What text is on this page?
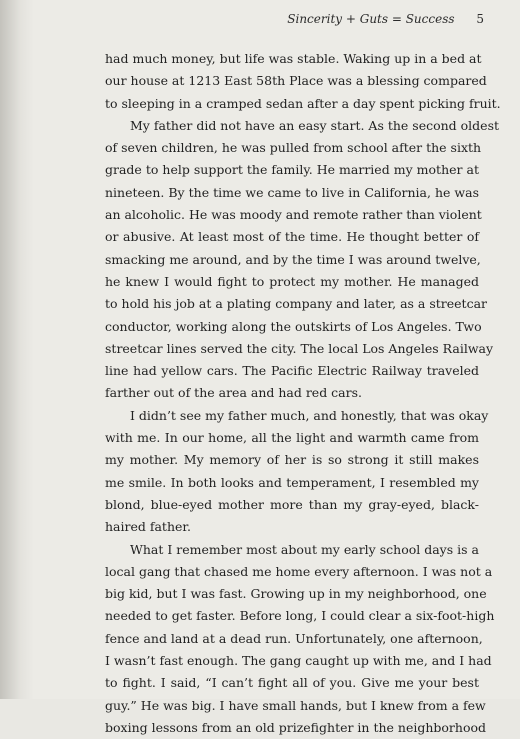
Sincerity + Guts = Success 5
had much money, but life was stable. Waking up in a bed at
our house at 1213 East 58th Place was a blessing compared
to sleeping in a cramped sedan after a day spent picking fruit.
My father did not have an easy start. As the second oldest
of seven children, he was pulled from school after the sixth
grade to help support the family. He married my mother at
nineteen. By the time we came to live in California, he was
an alcoholic. He was moody and remote rather than violent
or abusive. At least most of the time. He thought better of
smacking me around, and by the time I was around twelve,
he knew I would fight to protect my mother. He managed
to hold his job at a plating company and later, as a streetcar
conductor, working along the outskirts of Los Angeles. Two
streetcar lines served the city. The local Los Angeles Railway
line had yellow cars. The Pacific Electric Railway traveled
farther out of the area and had red cars.
I didn’t see my father much, and honestly, that was okay
with me. In our home, all the light and warmth came from
my mother. My memory of her is so strong it still makes
me smile. In both looks and temperament, I resembled my
blond, blue-eyed mother more than my gray-eyed, black-
haired father.
What I remember most about my early school days is a
local gang that chased me home every afternoon. I was not a
big kid, but I was fast. Growing up in my neighborhood, one
needed to get faster. Before long, I could clear a six-foot-high
fence and land at a dead run. Unfortunately, one afternoon,
I wasn’t fast enough. The gang caught up with me, and I had
to fight. I said, “I can’t fight all of you. Give me your best
guy.” He was big. I have small hands, but I knew from a few
boxing lessons from an old prizefighter in the neighborhood
